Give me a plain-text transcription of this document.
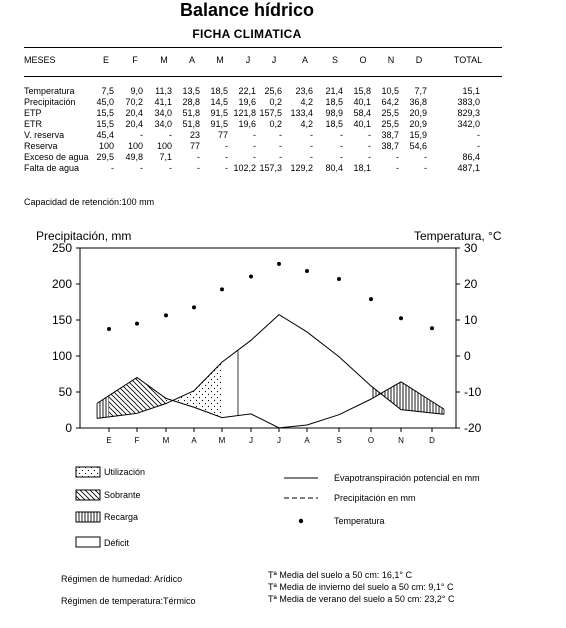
Balance hídrico
FICHA CLIMATICA
MESES	E	F	M	A	M	J	J	A	S	O	N	D	TOTAL
Temperatura	7,5	9,0	11,3	13,5	18,5	22,1 25,6	23,6	21,4	15,8	10,5	7,7	15,1
Precipitación	45,0	70,2	41,1	28,8	14,5	19,6	0,2	4,2	18,5	40,1	64,2	36,8	383,0
ETP	15,5	20,4	34,0	51,8	91,5 121,8 157,5 133,4	98,9	58,4	25,5	20,9	829,3
ETR	15,5	20,4	34,0	51,8	91,5	19,6	0,2	4,2	18,5	40,1	25,5	20,9	342,0
V. reserva	45,4	-	-	23	77	-	-	-	-	-	38,7	15,9	-
Reserva	100	100	100	77	-	-	-	-	-	-	38,7	54,6	-
Exceso de agua 29,5	49,8	7,1	-	-	-	-	-	-	-	-	-	86,4
Falta de agua	-	-	-	-	- 102,2 157,3 129,2	80,4	18,1	-	-	487,1
Capacidad de retención:100 mm
0
50
100
150
200
250
-20
-10
0
10
20
30
E	F	M	A	M	J	J	A	S	O	N	D
Precipitación, mm	Temperatura, °C
Utilización
Sobrante
Recarga
Déficit
Evapotranspiración potencial en mm
Precipitación en mm
Temperatura
Régimen de humedad: Arídico
Régimen de temperatura:Térmico
Tª Media del suelo a 50 cm: 16,1° C
Tª Media de invierno del suelo a 50 cm: 9,1° C
Tª Media de verano del suelo a 50 cm: 23,2° C
